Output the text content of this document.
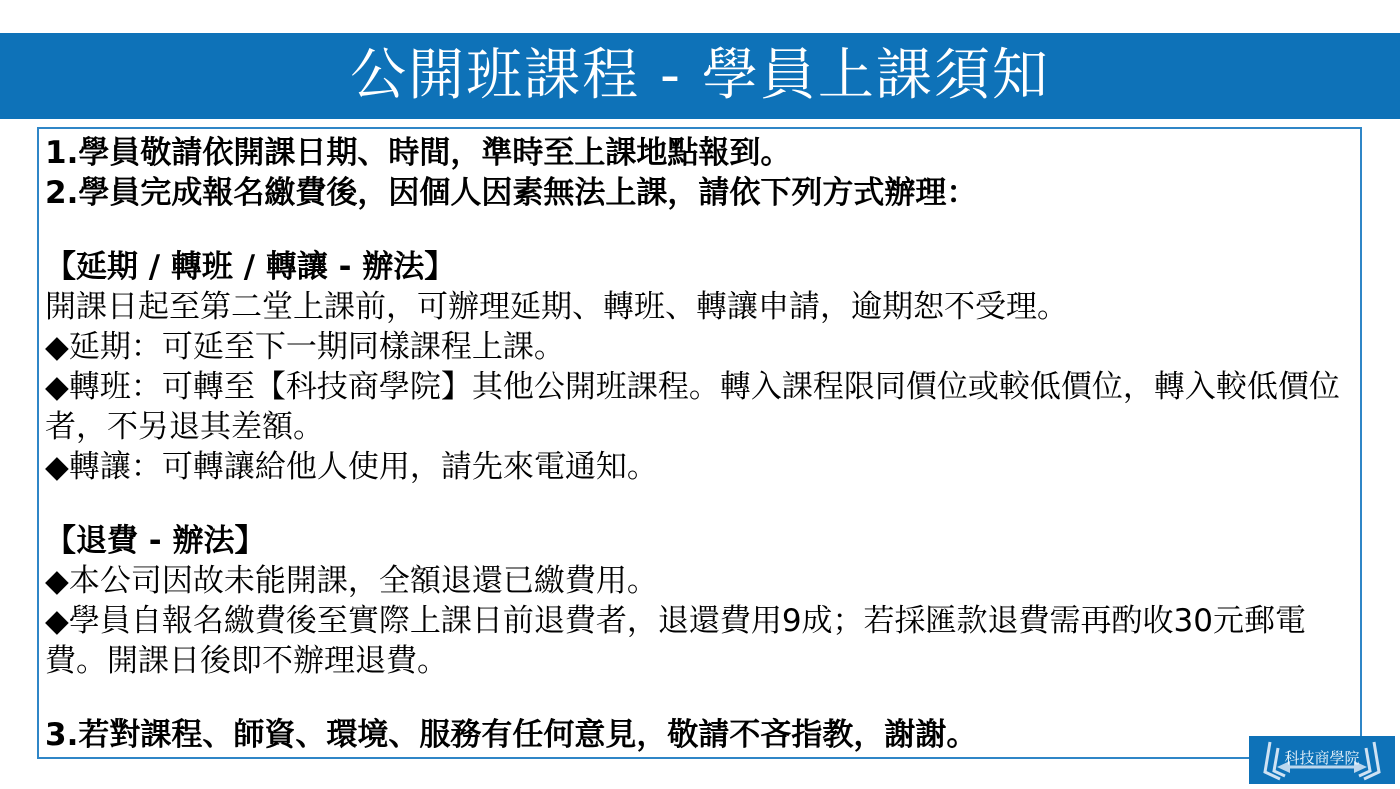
公開班課程 - 學員上課須知

1.學員敬請依開課日期、時間，準時至上課地點報到。

2.學員完成報名繳費後，因個人因素無法上課，請依下列方式辦理：

【延期 / 轉班 / 轉讓 - 辦法】

開課日起至第二堂上課前，可辦理延期、轉班、轉讓申請，逾期恕不受理。

◆延期：可延至下一期同樣課程上課。

◆轉班：可轉至【科技商學院】其他公開班課程。轉入課程限同價位或較低價位，轉入較低價位者，不另退其差額。

◆轉讓：可轉讓給他人使用，請先來電通知。

【退費 - 辦法】

◆本公司因故未能開課，全額退還已繳費用。

◆學員自報名繳費後至實際上課日前退費者，退還費用9成；若採匯款退費需再酌收30元郵電費。開課日後即不辦理退費。

3.若對課程、師資、環境、服務有任何意見，敬請不吝指教，謝謝。

科技商學院
